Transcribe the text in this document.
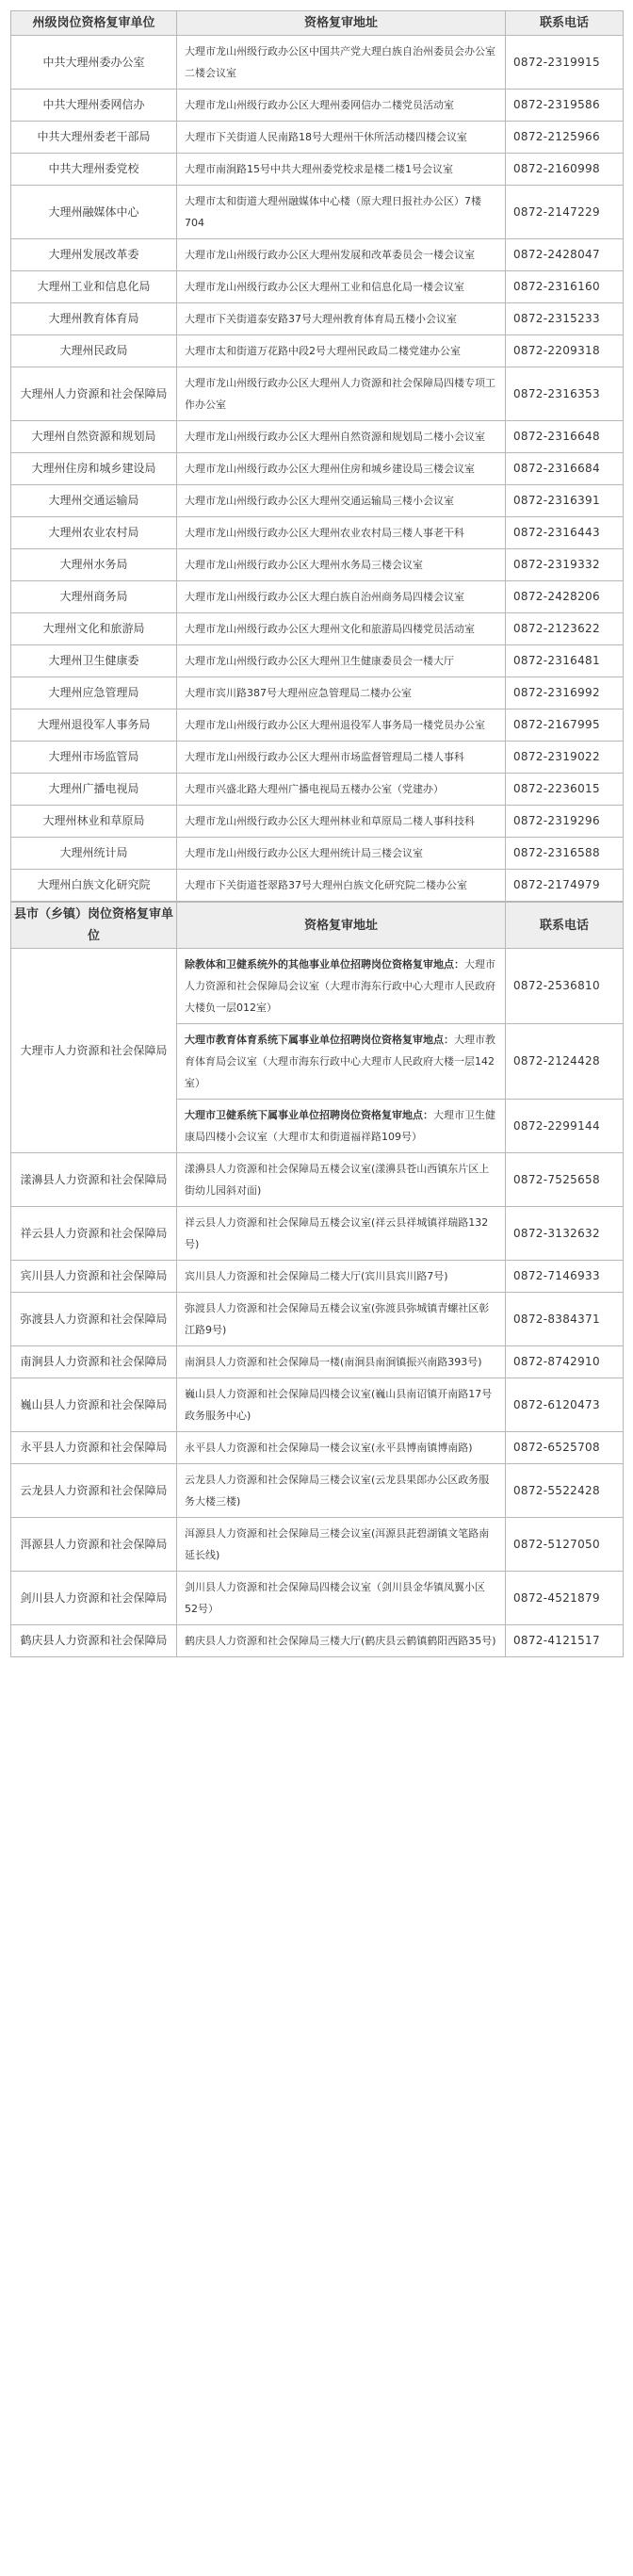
州级岗位资格复审单位	资格复审地址	联系电话
中共大理州委办公室	大理市龙山州级行政办公区中国共产党大理白族自治州委员会办公室二楼会议室	0872-2319915
中共大理州委网信办	大理市龙山州级行政办公区大理州委网信办二楼党员活动室	0872-2319586
中共大理州委老干部局	大理市下关街道人民南路18号大理州干休所活动楼四楼会议室	0872-2125966
中共大理州委党校	大理市南涧路15号中共大理州委党校求是楼二楼1号会议室	0872-2160998
大理州融媒体中心	大理市太和街道大理州融媒体中心楼（原大理日报社办公区）7楼704	0872-2147229
大理州发展改革委	大理市龙山州级行政办公区大理州发展和改革委员会一楼会议室	0872-2428047
大理州工业和信息化局	大理市龙山州级行政办公区大理州工业和信息化局一楼会议室	0872-2316160
大理州教育体育局	大理市下关街道泰安路37号大理州教育体育局五楼小会议室	0872-2315233
大理州民政局	大理市太和街道万花路中段2号大理州民政局二楼党建办公室	0872-2209318
大理州人力资源和社会保障局	大理市龙山州级行政办公区大理州人力资源和社会保障局四楼专项工作办公室	0872-2316353
大理州自然资源和规划局	大理市龙山州级行政办公区大理州自然资源和规划局二楼小会议室	0872-2316648
大理州住房和城乡建设局	大理市龙山州级行政办公区大理州住房和城乡建设局三楼会议室	0872-2316684
大理州交通运输局	大理市龙山州级行政办公区大理州交通运输局三楼小会议室	0872-2316391
大理州农业农村局	大理市龙山州级行政办公区大理州农业农村局三楼人事老干科	0872-2316443
大理州水务局	大理市龙山州级行政办公区大理州水务局三楼会议室	0872-2319332
大理州商务局	大理市龙山州级行政办公区大理白族自治州商务局四楼会议室	0872-2428206
大理州文化和旅游局	大理市龙山州级行政办公区大理州文化和旅游局四楼党员活动室	0872-2123622
大理州卫生健康委	大理市龙山州级行政办公区大理州卫生健康委员会一楼大厅	0872-2316481
大理州应急管理局	大理市宾川路387号大理州应急管理局二楼办公室	0872-2316992
大理州退役军人事务局	大理市龙山州级行政办公区大理州退役军人事务局一楼党员办公室	0872-2167995
大理州市场监管局	大理市龙山州级行政办公区大理州市场监督管理局二楼人事科	0872-2319022
大理州广播电视局	大理市兴盛北路大理州广播电视局五楼办公室（党建办）	0872-2236015
大理州林业和草原局	大理市龙山州级行政办公区大理州林业和草原局二楼人事科技科	0872-2319296
大理州统计局	大理市龙山州级行政办公区大理州统计局三楼会议室	0872-2316588
大理州白族文化研究院	大理市下关街道苍翠路37号大理州白族文化研究院二楼办公室	0872-2174979
县市（乡镇）岗位资格复审单位	资格复审地址	联系电话
大理市人力资源和社会保障局	除教体和卫健系统外的其他事业单位招聘岗位资格复审地点：大理市人力资源和社会保障局会议室（大理市海东行政中心大理市人民政府大楼负一层012室）	0872-2536810
	大理市教育体育系统下属事业单位招聘岗位资格复审地点：大理市教育体育局会议室（大理市海东行政中心大理市人民政府大楼一层142室）	0872-2124428
	大理市卫健系统下属事业单位招聘岗位资格复审地点：大理市卫生健康局四楼小会议室（大理市太和街道福祥路109号）	0872-2299144
漾濞县人力资源和社会保障局	漾濞县人力资源和社会保障局五楼会议室(漾濞县苍山西镇东片区上街幼儿园斜对面)	0872-7525658
祥云县人力资源和社会保障局	祥云县人力资源和社会保障局五楼会议室(祥云县祥城镇祥瑞路132号)	0872-3132632
宾川县人力资源和社会保障局	宾川县人力资源和社会保障局二楼大厅(宾川县宾川路7号)	0872-7146933
弥渡县人力资源和社会保障局	弥渡县人力资源和社会保障局五楼会议室(弥渡县弥城镇青螺社区彰江路9号)	0872-8384371
南涧县人力资源和社会保障局	南涧县人力资源和社会保障局一楼(南涧县南涧镇振兴南路393号)	0872-8742910
巍山县人力资源和社会保障局	巍山县人力资源和社会保障局四楼会议室(巍山县南诏镇开南路17号政务服务中心)	0872-6120473
永平县人力资源和社会保障局	永平县人力资源和社会保障局一楼会议室(永平县博南镇博南路)	0872-6525708
云龙县人力资源和社会保障局	云龙县人力资源和社会保障局三楼会议室(云龙县果郎办公区政务服务大楼三楼)	0872-5522428
洱源县人力资源和社会保障局	洱源县人力资源和社会保障局三楼会议室(洱源县茈碧湖镇文笔路南延长线)	0872-5127050
剑川县人力资源和社会保障局	剑川县人力资源和社会保障局四楼会议室（剑川县金华镇凤翼小区52号）	0872-4521879
鹤庆县人力资源和社会保障局	鹤庆县人力资源和社会保障局三楼大厅(鹤庆县云鹤镇鹤阳西路35号)	0872-4121517
